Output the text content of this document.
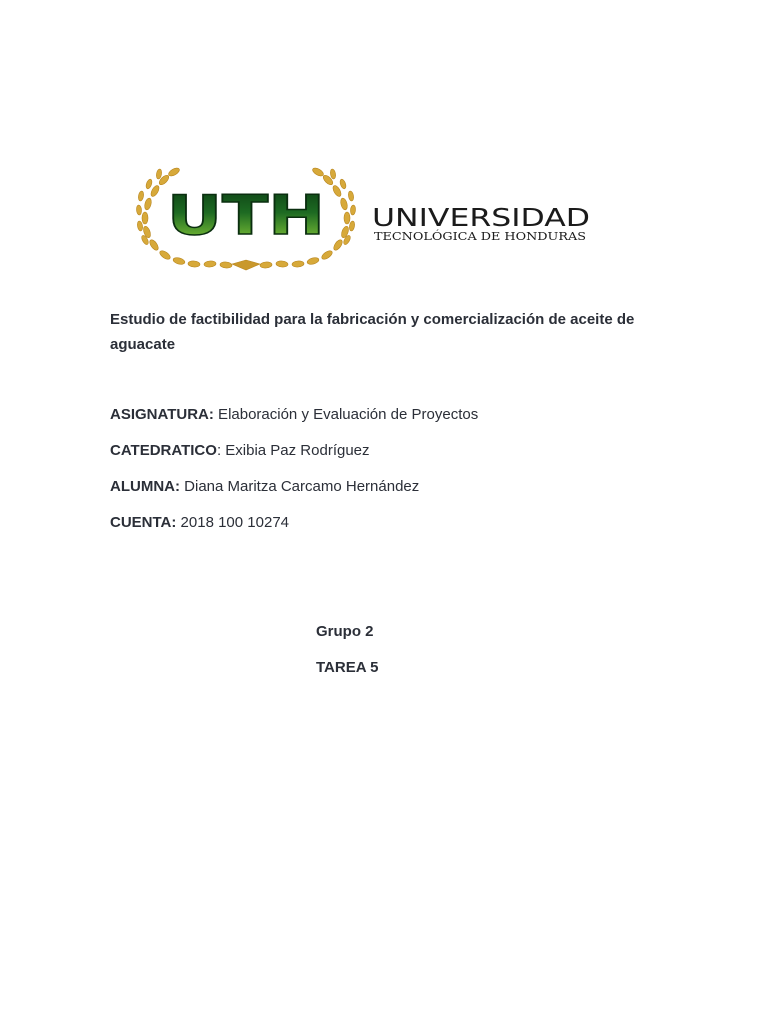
UTH UNIVERSIDAD
TECNOLÓGICA DE HONDURAS
Estudio de factibilidad para la fabricación y comercialización de aceite de aguacate
ASIGNATURA: Elaboración y Evaluación de Proyectos
CATEDRATICO: Exibia Paz Rodríguez
ALUMNA: Diana Maritza Carcamo Hernández
CUENTA: 2018 100 10274
Grupo 2
TAREA 5
